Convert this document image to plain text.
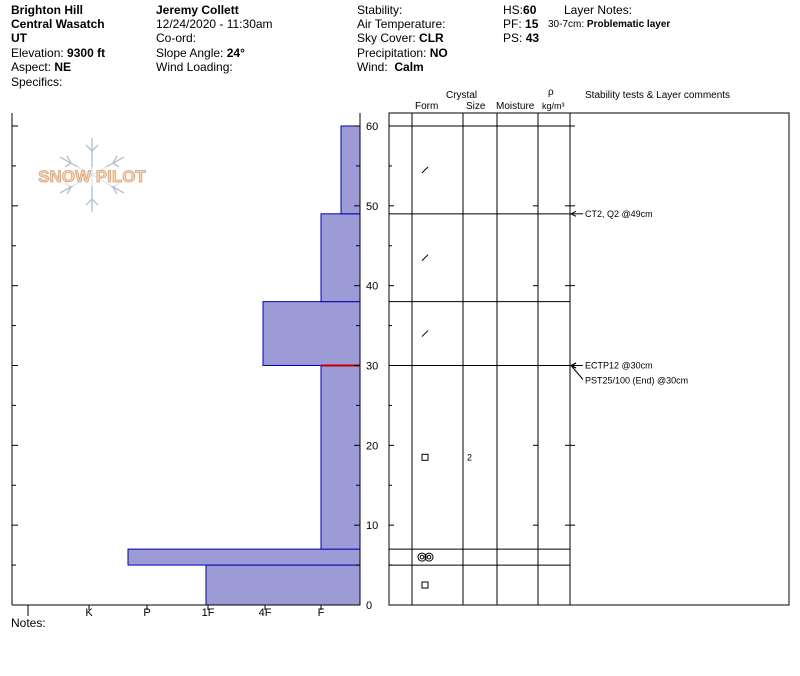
Brighton Hill
Central Wasatch
UT
Elevation: 9300 ft
Aspect: NE
Specifics:
Jeremy Collett
12/24/2020 - 11:30am
Co-ord:
Slope Angle: 24°
Wind Loading:
Stability:
Air Temperature:
Sky Cover: CLR
Precipitation: NO
Wind: Calm
HS:60
PF: 15
PS: 43
Layer Notes:
30-7cm: Problematic layer
Crystal
Form	Size Moisture
ρ
kg/m³
Stability tests & Layer comments
Notes:
SNOW PILOT
0
10
20
30
40
50
60
I	K	P	1F	4F	F
2
CT2, Q2 @49cm
ECTP12 @30cm
PST25/100 (End) @30cm
